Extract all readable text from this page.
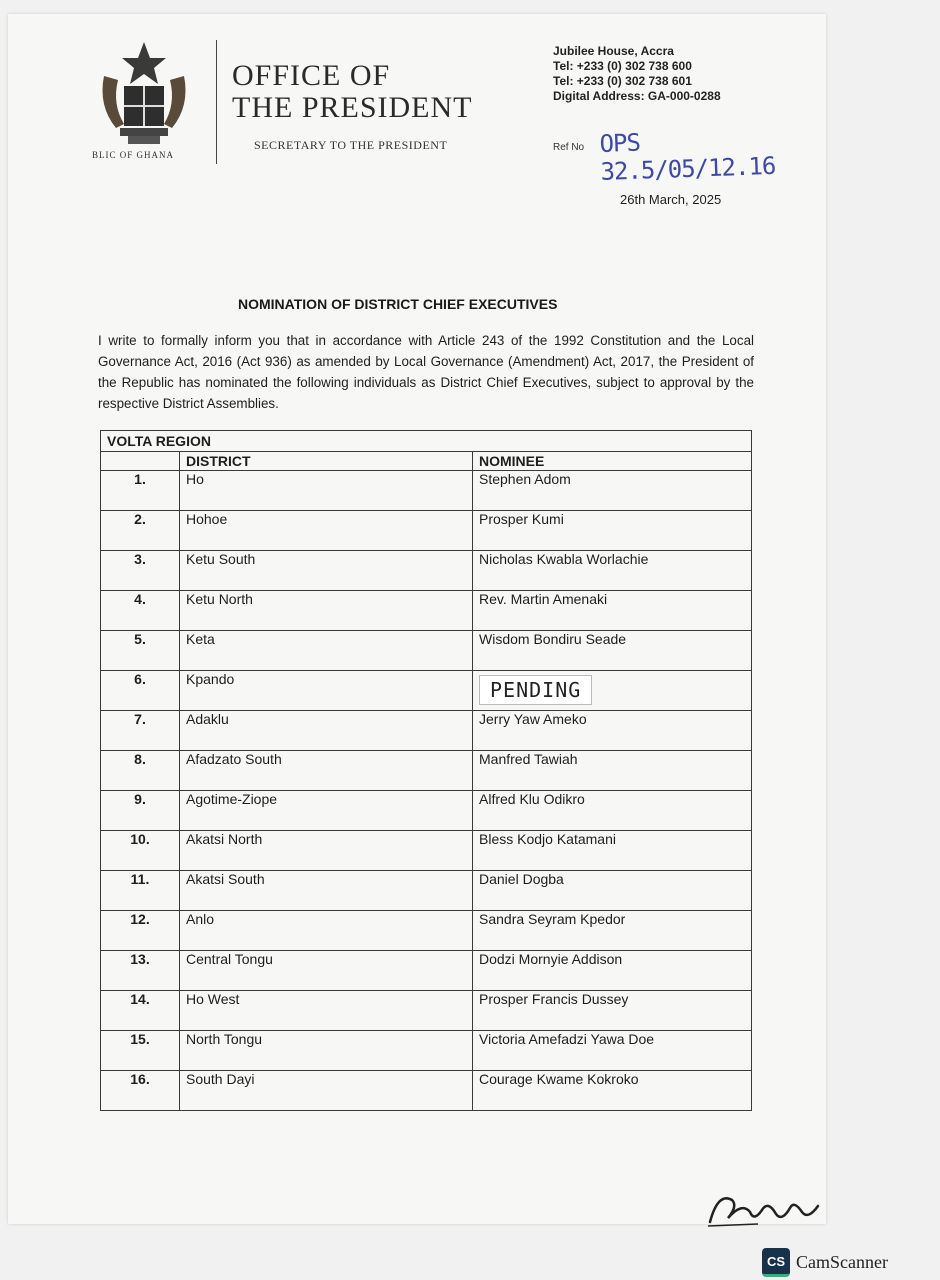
BLIC OF GHANA
OFFICE OF
THE PRESIDENT
SECRETARY TO THE PRESIDENT
Jubilee House, Accra
Tel: +233 (0) 302 738 600
Tel: +233 (0) 302 738 601
Digital Address: GA-000-0288
Ref No OPS 32.5/05/12.16
26th March, 2025
NOMINATION OF DISTRICT CHIEF EXECUTIVES
I write to formally inform you that in accordance with Article 243 of the 1992 Constitution and the Local Governance Act, 2016 (Act 936) as amended by Local Governance (Amendment) Act, 2017, the President of the Republic has nominated the following individuals as District Chief Executives, subject to approval by the respective District Assemblies.
VOLTA REGION		
	DISTRICT	NOMINEE
1.	Ho	Stephen Adom
2.	Hohoe	Prosper Kumi
3.	Ketu South	Nicholas Kwabla Worlachie
4.	Ketu North	Rev. Martin Amenaki
5.	Keta	Wisdom Bondiru Seade
6.	Kpando	PENDING
7.	Adaklu	Jerry Yaw Ameko
8.	Afadzato South	Manfred Tawiah
9.	Agotime-Ziope	Alfred Klu Odikro
10.	Akatsi North	Bless Kodjo Katamani
11.	Akatsi South	Daniel Dogba
12.	Anlo	Sandra Seyram Kpedor
13.	Central Tongu	Dodzi Mornyie Addison
14.	Ho West	Prosper Francis Dussey
15.	North Tongu	Victoria Amefadzi Yawa Doe
16.	South Dayi	Courage Kwame Kokroko
CS CamScanner
